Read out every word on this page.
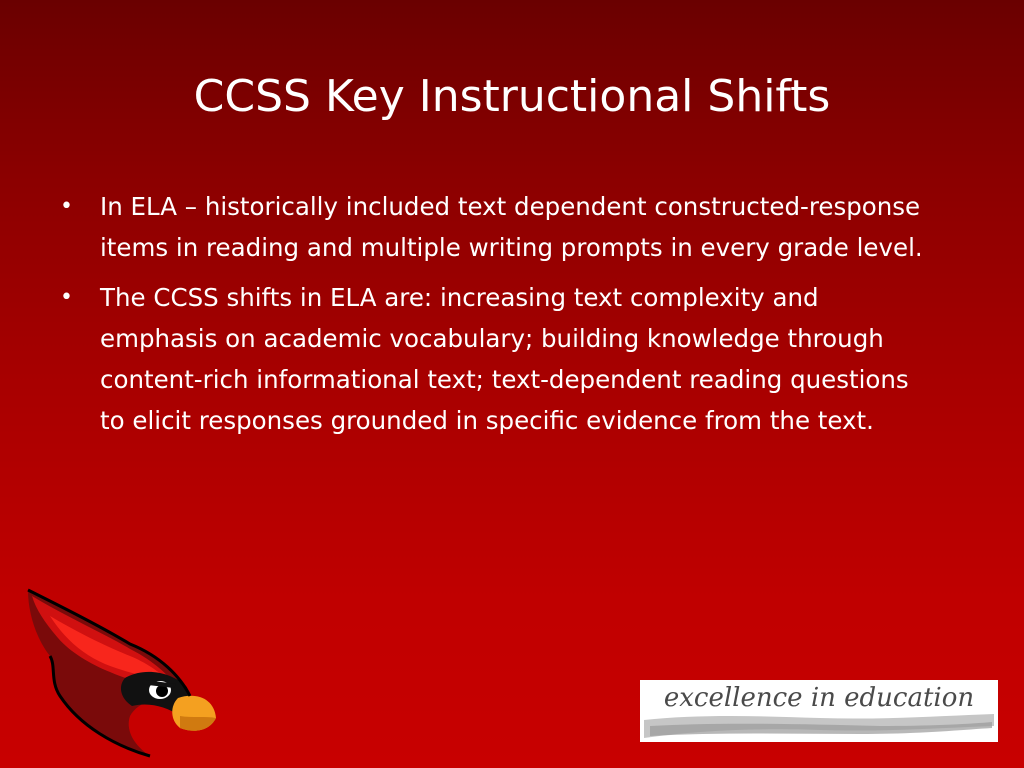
CCSS Key Instructional Shifts
• In ELA – historically included text dependent constructed-response items in reading and multiple writing prompts in every grade level.
• The CCSS shifts in ELA are: increasing text complexity and emphasis on academic vocabulary; building knowledge through content-rich informational text; text-dependent reading questions to elicit responses grounded in specific evidence from the text.
excellence in education
